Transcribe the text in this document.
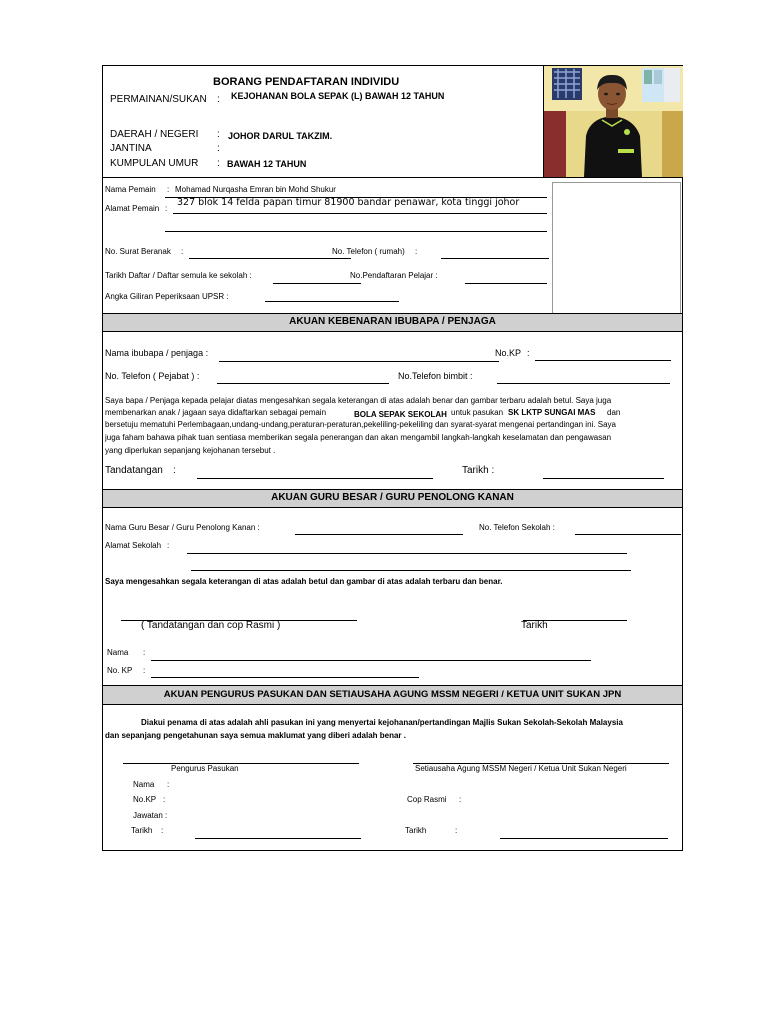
BORANG PENDAFTARAN INDIVIDU
PERMAINAN/SUKAN : KEJOHANAN BOLA SEPAK (L) BAWAH 12 TAHUN
DAERAH / NEGERI : JOHOR DARUL TAKZIM.
JANTINA	:
KUMPULAN UMUR : BAWAH 12 TAHUN
Nama Pemain : Mohamad Nurqasha Emran bin Mohd Shukur
Alamat Pemain :
327 blok 14 felda papan timur 81900 bandar penawar, kota tinggi johor
No. Surat Beranak :	No. Telefon ( rumah) :
Tarikh Daftar / Daftar semula ke sekolah :	No.Pendaftaran Pelajar :
Angka Giliran Peperiksaan UPSR :
AKUAN KEBENARAN IBUBAPA / PENJAGA
Nama ibubapa / penjaga :	No.KP :
No. Telefon ( Pejabat ) :	No.Telefon bimbit :
Saya bapa / Penjaga kepada pelajar diatas mengesahkan segala keterangan di atas adalah benar dan gambar terbaru adalah betul. Saya juga
membenarkan anak / jagaan saya didaftarkan sebagai pemain	BOLA SEPAK SEKOLAH untuk pasukan SK LKTP SUNGAI MAS dan
bersetuju mematuhi Perlembagaan,undang-undang,peraturan-peraturan,pekeliling-pekeliling dan syarat-syarat mengenai pertandingan ini. Saya
juga faham bahawa pihak tuan sentiasa memberikan segala penerangan dan akan mengambil langkah-langkah keselamatan dan pengawasan
yang diperlukan sepanjang kejohanan tersebut .
Tandatangan :	Tarikh :
AKUAN GURU BESAR / GURU PENOLONG KANAN
Nama Guru Besar / Guru Penolong Kanan :	No. Telefon Sekolah :
Alamat Sekolah :
Saya mengesahkan segala keterangan di atas adalah betul dan gambar di atas adalah terbaru dan benar.
( Tandatangan dan cop Rasmi )	Tarikh
Nama :
No. KP :
AKUAN PENGURUS PASUKAN DAN SETIAUSAHA AGUNG MSSM NEGERI / KETUA UNIT SUKAN JPN
Diakui penama di atas adalah ahli pasukan ini yang menyertai kejohanan/pertandingan Majlis Sukan Sekolah-Sekolah Malaysia
dan sepanjang pengetahunan saya semua maklumat yang diberi adalah benar .
Pengurus Pasukan	Setiausaha Agung MSSM Negeri / Ketua Unit Sukan Negeri
Nama :
No.KP :	Cop Rasmi :
Jawatan :
Tarikh :	Tarikh	:
